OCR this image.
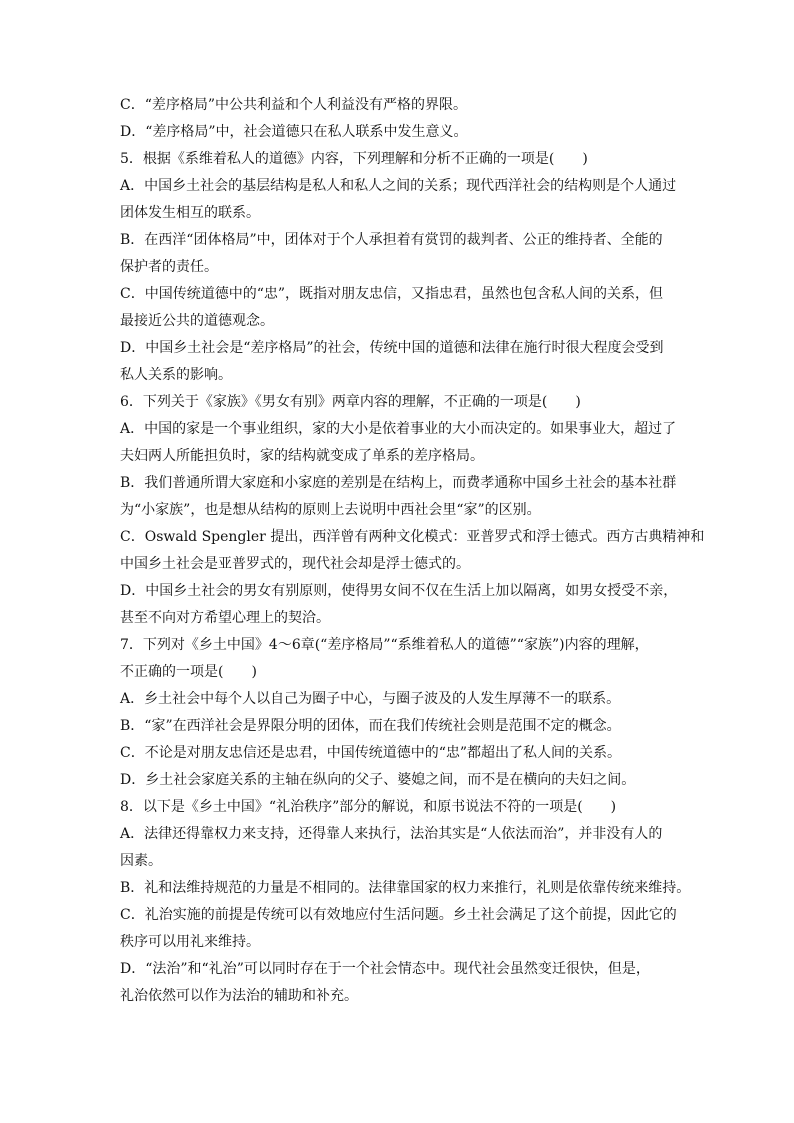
C．“差序格局”中公共利益和个人利益没有严格的界限。
D．“差序格局”中，社会道德只在私人联系中发生意义。
5．根据《系维着私人的道德》内容，下列理解和分析不正确的一项是(　　)
A．中国乡土社会的基层结构是私人和私人之间的关系；现代西洋社会的结构则是个人通过
团体发生相互的联系。
B．在西洋“团体格局”中，团体对于个人承担着有赏罚的裁判者、公正的维持者、全能的
保护者的责任。
C．中国传统道德中的“忠”，既指对朋友忠信，又指忠君，虽然也包含私人间的关系，但
最接近公共的道德观念。
D．中国乡土社会是“差序格局”的社会，传统中国的道德和法律在施行时很大程度会受到
私人关系的影响。
6．下列关于《家族》《男女有别》两章内容的理解，不正确的一项是(　　)
A．中国的家是一个事业组织，家的大小是依着事业的大小而决定的。如果事业大，超过了
夫妇两人所能担负时，家的结构就变成了单系的差序格局。
B．我们普通所谓大家庭和小家庭的差别是在结构上，而费孝通称中国乡土社会的基本社群
为“小家族”，也是想从结构的原则上去说明中西社会里“家”的区别。
C．Oswald Spengler 提出，西洋曾有两种文化模式：亚普罗式和浮士德式。西方古典精神和
中国乡土社会是亚普罗式的，现代社会却是浮士德式的。
D．中国乡土社会的男女有别原则，使得男女间不仅在生活上加以隔离，如男女授受不亲，
甚至不向对方希望心理上的契洽。
7．下列对《乡土中国》4～6章(“差序格局”“系维着私人的道德”“家族”)内容的理解，
不正确的一项是(　　)
A．乡土社会中每个人以自己为圈子中心，与圈子波及的人发生厚薄不一的联系。
B．“家”在西洋社会是界限分明的团体，而在我们传统社会则是范围不定的概念。
C．不论是对朋友忠信还是忠君，中国传统道德中的“忠”都超出了私人间的关系。
D．乡土社会家庭关系的主轴在纵向的父子、婆媳之间，而不是在横向的夫妇之间。
8．以下是《乡土中国》“礼治秩序”部分的解说，和原书说法不符的一项是(　　)
A．法律还得靠权力来支持，还得靠人来执行，法治其实是“人依法而治”，并非没有人的
因素。
B．礼和法维持规范的力量是不相同的。法律靠国家的权力来推行，礼则是依靠传统来维持。
C．礼治实施的前提是传统可以有效地应付生活问题。乡土社会满足了这个前提，因此它的
秩序可以用礼来维持。
D．“法治”和“礼治”可以同时存在于一个社会情态中。现代社会虽然变迁很快，但是，
礼治依然可以作为法治的辅助和补充。
